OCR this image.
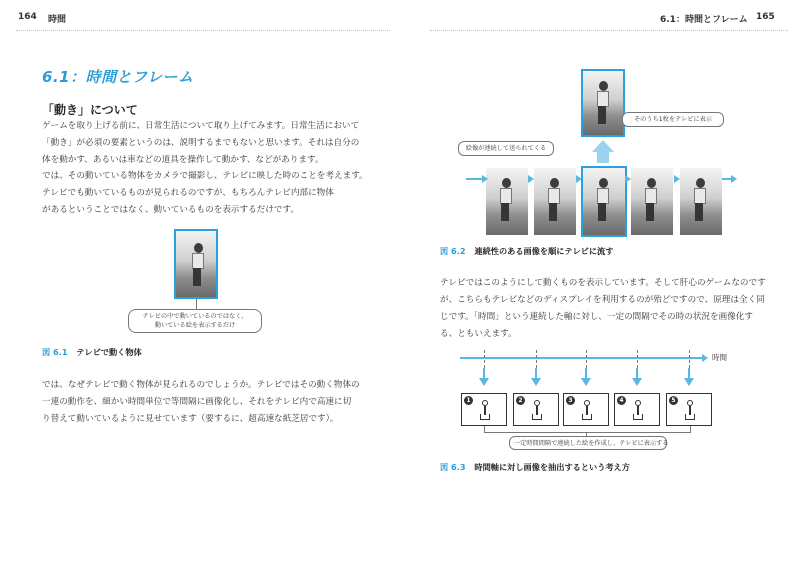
164 時間
6.1：時間とフレーム
「動き」について
ゲームを取り上げる前に、日常生活について取り上げてみます。日常生活において
「動き」が必須の要素というのは、説明するまでもないと思います。それは自分の
体を動かす、あるいは車などの道具を操作して動かす、などがあります。
では、その動いている物体をカメラで撮影し、テレビに映した時のことを考えます。
テレビでも動いているものが見られるのですが、もちろんテレビ内部に物体
があるということではなく、動いているものを表示するだけです。
テレビの中で動いているのではなく、
動いている絵を表示するだけ
図 6.1 テレビで動く物体
では、なぜテレビで動く物体が見られるのでしょうか。テレビではその動く物体の
一連の動作を、細かい時間単位で等間隔に画像化し、それをテレビ内で高速に切
り替えて動いているように見せています（要するに、超高速な紙芝居です）。
6.1：時間とフレーム 165
そのうち1枚をテレビに表示
絵像が連続して送られてくる
図 6.2 連続性のある画像を順にテレビに流す
テレビではこのようにして動くものを表示しています。そして肝心のゲームなのです
が、こちらもテレビなどのディスプレイを利用するのが殆どですので、原理は全く同
じです。「時間」という連続した軸に対し、一定の間隔でその時の状況を画像化す
る、ともいえます。
時間
1	2	3	4	5
一定時間間隔で連続した絵を作成し、テレビに表示する
図 6.3 時間軸に対し画像を抽出するという考え方
